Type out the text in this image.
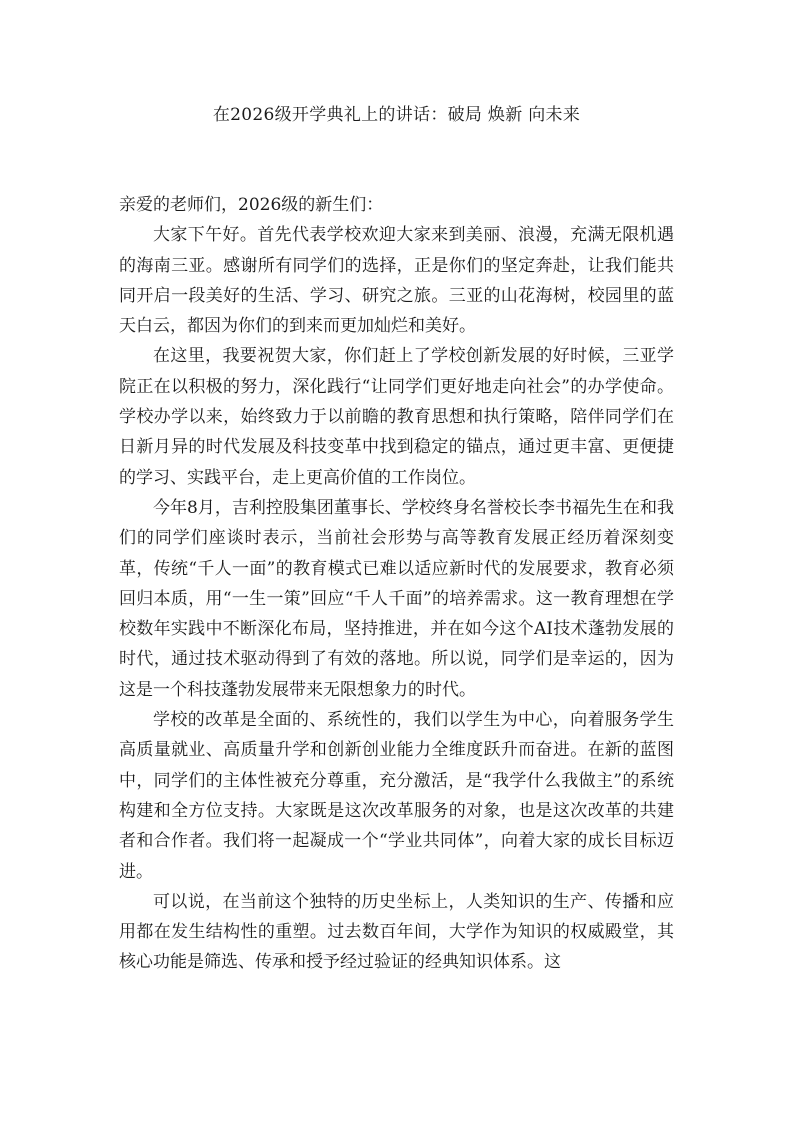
在2026级开学典礼上的讲话：破局 焕新 向未来

亲爱的老师们，2026级的新生们：

大家下午好。首先代表学校欢迎大家来到美丽、浪漫，充满无限机遇的海南三亚。感谢所有同学们的选择，正是你们的坚定奔赴，让我们能共同开启一段美好的生活、学习、研究之旅。三亚的山花海树，校园里的蓝天白云，都因为你们的到来而更加灿烂和美好。

在这里，我要祝贺大家，你们赶上了学校创新发展的好时候，三亚学院正在以积极的努力，深化践行“让同学们更好地走向社会”的办学使命。学校办学以来，始终致力于以前瞻的教育思想和执行策略，陪伴同学们在日新月异的时代发展及科技变革中找到稳定的锚点，通过更丰富、更便捷的学习、实践平台，走上更高价值的工作岗位。

今年8月，吉利控股集团董事长、学校终身名誉校长李书福先生在和我们的同学们座谈时表示，当前社会形势与高等教育发展正经历着深刻变革，传统“千人一面”的教育模式已难以适应新时代的发展要求，教育必须回归本质，用“一生一策”回应“千人千面”的培养需求。这一教育理想在学校数年实践中不断深化布局，坚持推进，并在如今这个AI技术蓬勃发展的时代，通过技术驱动得到了有效的落地。所以说，同学们是幸运的，因为这是一个科技蓬勃发展带来无限想象力的时代。

学校的改革是全面的、系统性的，我们以学生为中心，向着服务学生高质量就业、高质量升学和创新创业能力全维度跃升而奋进。在新的蓝图中，同学们的主体性被充分尊重，充分激活，是“我学什么我做主”的系统构建和全方位支持。大家既是这次改革服务的对象，也是这次改革的共建者和合作者。我们将一起凝成一个“学业共同体”，向着大家的成长目标迈进。

可以说，在当前这个独特的历史坐标上，人类知识的生产、传播和应用都在发生结构性的重塑。过去数百年间，大学作为知识的权威殿堂，其核心功能是筛选、传承和授予经过验证的经典知识体系。这
